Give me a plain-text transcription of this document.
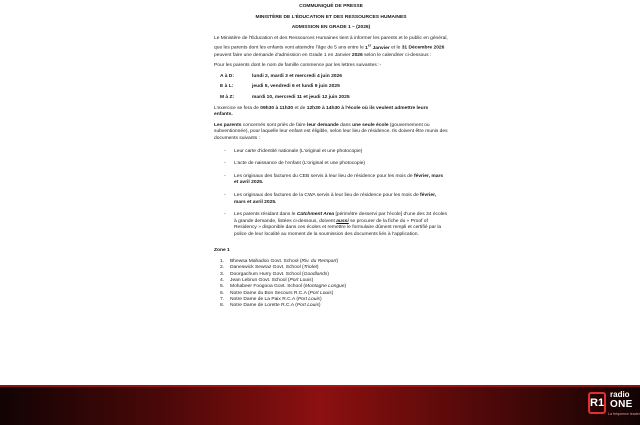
COMMUNIQUÉ DE PRESSE

MINISTÈRE DE L’ÉDUCATION ET DES RESSOURCES HUMAINES

ADMISSION EN GRADE 1 – (2026)

Le Ministère de l’Éducation et des Ressources Humaines tient à informer les parents et le public en général, que les parents dont les enfants vont atteindre l’âge de 5 ans entre le 1er Janvier et le 31 Décembre 2026 peuvent faire une demande d’admission en Grade 1 en Janvier 2026 selon le calendrier ci-dessous :

Pour les parents dont le nom de famille commence par les lettres suivantes :-

A à D:	lundi 2, mardi 3 et mercredi 4 juin 2026
E à L:	jeudi 5, vendredi 6 et lundi 9 juin 2025
M à Z:	mardi 10, mercredi 11 et jeudi 12 juin 2025

L’exercice se fera de 09h30 à 11h30 et de 12h30 à 14h30 à l’école où ils veulent admettre leurs enfants.

Les parents concernés sont priés de faire leur demande dans une seule école (gouvernement ou subventionnée), pour laquelle leur enfant est éligible, selon leur lieu de résidence. Ils doivent être munis des documents suivants :

- Leur carte d’identité nationale (L’original et une photocopie)
- L’acte de naissance de l’enfant (L’original et une photocopie)
- Les originaux des factures du CEB servis à leur lieu de résidence pour les mois de février, mars et avril 2025.
- Les originaux des factures de la CWA servis à leur lieu de résidence pour les mois de février, mars et avril 2025.
- Les parents résidant dans le Catchment Area [périmètre desservi par l’école] d’une des 34 écoles à grande demande, listées ci-dessous, doivent aussi se procurer de la fiche du « Proof of Residency » disponible dans ces écoles et remettre le formulaire dûment rempli et certifié par la police de leur localité au moment de la soumission des documents liés à l’application.

Zone 1

1.	Bhewsa Mahadoo Govt. School (Riv. du Rempart)
2.	Daneswick Sewraz Govt. School (Triolet)
3.	Doorgachum Hurry Govt. School (Goodlands)
4.	Jean Lebrun Govt. School (Port Louis)
5.	Mohabeer Foogooa Govt. School (Montagne Longue)
6.	Notre Dame du Bon Secours R.C.A (Port Louis)
7.	Notre Dame de La Paix R.C.A (Port Louis)
8.	Notre Dame de Lorette R.C.A (Port Louis)
R1
radio
ONE
La fréquence leader
